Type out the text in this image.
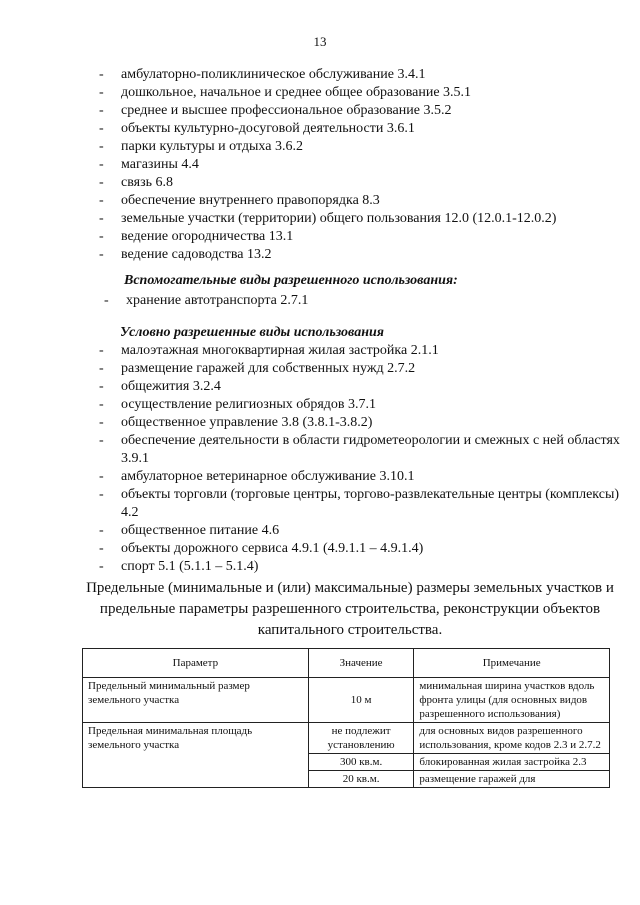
13
- амбулаторно-поликлиническое обслуживание 3.4.1
- дошкольное, начальное и среднее общее образование 3.5.1
- среднее и высшее профессиональное образование 3.5.2
- объекты культурно-досуговой деятельности 3.6.1
- парки культуры и отдыха 3.6.2
- магазины 4.4
- связь 6.8
- обеспечение внутреннего правопорядка 8.3
- земельные участки (территории) общего пользования 12.0 (12.0.1-12.0.2)
- ведение огородничества 13.1
- ведение садоводства 13.2
Вспомогательные виды разрешенного использования:
- хранение автотранспорта 2.7.1
Условно разрешенные виды использования
- малоэтажная многоквартирная жилая застройка 2.1.1
- размещение гаражей для собственных нужд 2.7.2
- общежития 3.2.4
- осуществление религиозных обрядов 3.7.1
- общественное управление 3.8 (3.8.1-3.8.2)
- обеспечение деятельности в области гидрометеорологии и смежных с ней областях 3.9.1
- амбулаторное ветеринарное обслуживание 3.10.1
- объекты торговли (торговые центры, торгово-развлекательные центры (комплексы) 4.2
- общественное питание 4.6
- объекты дорожного сервиса 4.9.1 (4.9.1.1 – 4.9.1.4)
- спорт 5.1 (5.1.1 – 5.1.4)
Предельные (минимальные и (или) максимальные) размеры земельных участков и предельные параметры разрешенного строительства, реконструкции объектов капитального строительства.
Параметр	Значение	Примечание
Предельный минимальный размер земельного участка	10 м	минимальная ширина участков вдоль фронта улицы (для основных видов разрешенного использования)
Предельная минимальная площадь земельного участка	не подлежит установлению	для основных видов разрешенного использования, кроме кодов 2.3 и 2.7.2
	300 кв.м.	блокированная жилая застройка 2.3
	20 кв.м.	размещение гаражей для
